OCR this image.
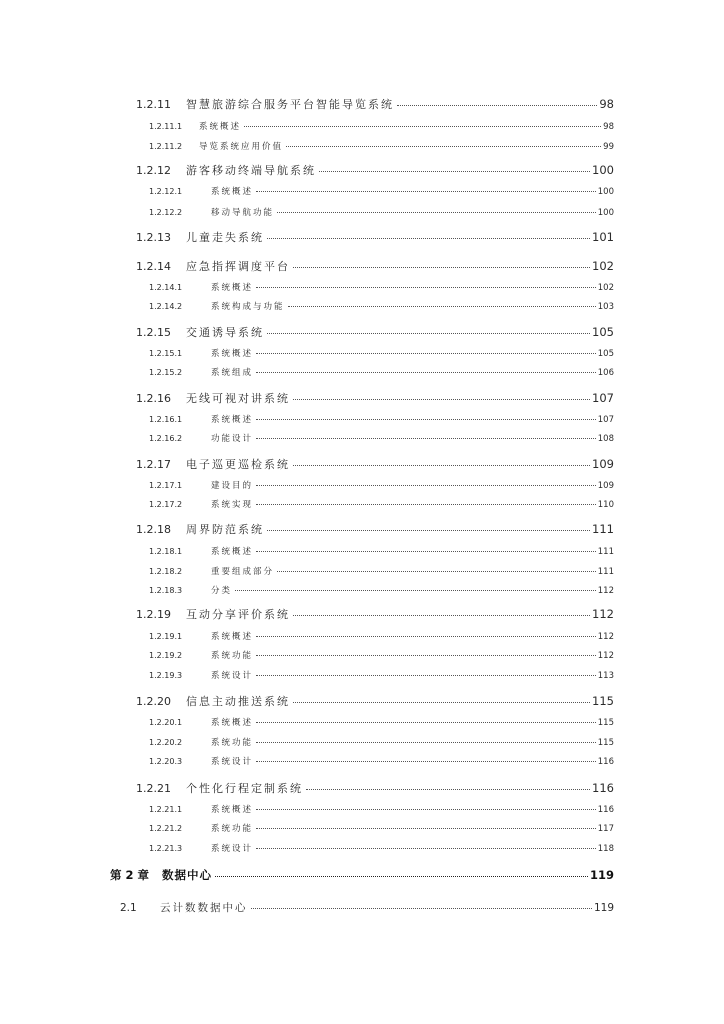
1.2.11	智慧旅游综合服务平台智能导览系统	98
1.2.11.1	系统概述	98
1.2.11.2	导览系统应用价值	99
1.2.12	游客移动终端导航系统	100
1.2.12.1	系统概述	100
1.2.12.2	移动导航功能	100
1.2.13	儿童走失系统	101
1.2.14	应急指挥调度平台	102
1.2.14.1	系统概述	102
1.2.14.2	系统构成与功能	103
1.2.15	交通诱导系统	105
1.2.15.1	系统概述	105
1.2.15.2	系统组成	106
1.2.16	无线可视对讲系统	107
1.2.16.1	系统概述	107
1.2.16.2	功能设计	108
1.2.17	电子巡更巡检系统	109
1.2.17.1	建设目的	109
1.2.17.2	系统实现	110
1.2.18	周界防范系统	111
1.2.18.1	系统概述	111
1.2.18.2	重要组成部分	111
1.2.18.3	分类	112
1.2.19	互动分享评价系统	112
1.2.19.1	系统概述	112
1.2.19.2	系统功能	112
1.2.19.3	系统设计	113
1.2.20	信息主动推送系统	115
1.2.20.1	系统概述	115
1.2.20.2	系统功能	115
1.2.20.3	系统设计	116
1.2.21	个性化行程定制系统	116
1.2.21.1	系统概述	116
1.2.21.2	系统功能	117
1.2.21.3	系统设计	118
第 2 章	数据中心	119
2.1	云计数数据中心	119
